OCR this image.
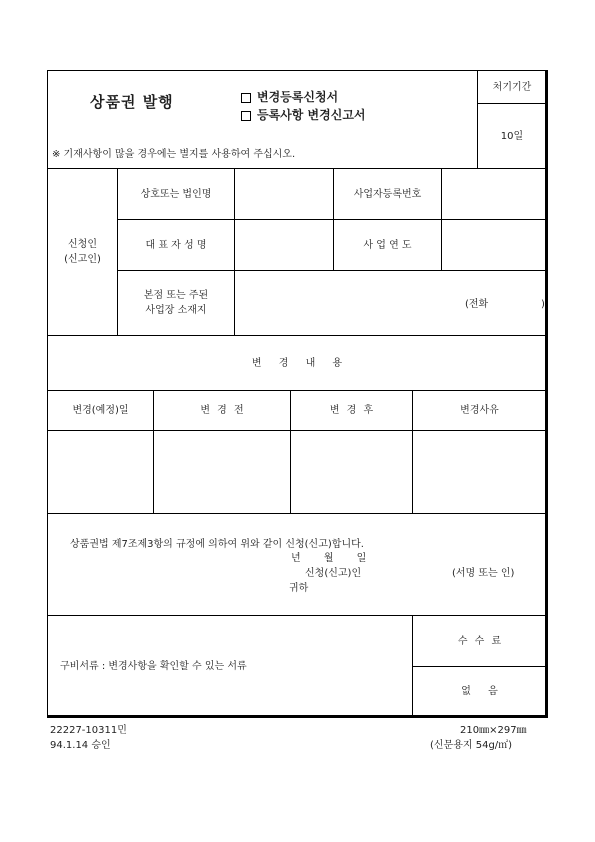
상품권 발행	변경등록신청서
등록사항 변경신고서
처기기간
10일
※ 기재사항이 많을 경우에는 별지를 사용하여 주십시오.
신청인
(신고인)
상호또는 법인명	사업자등록번호
대 표 자 성 명	사 업 연 도
본점 또는 주된
사업장 소재지
(전화	)
변 경 내 용
변경(예정)일	변 경 전	변 경 후	변경사유
상품권법 제7조제3항의 규정에 의하여 위와 같이 신청(신고)합니다.
년 월 일
신청(신고)인	(서명 또는 인)
귀하
구비서류 : 변경사항을 확인할 수 있는 서류
수 수 료
없 음
22227-10311민
94.1.14 승인
210㎜×297㎜
(신문용지 54g/㎡)
